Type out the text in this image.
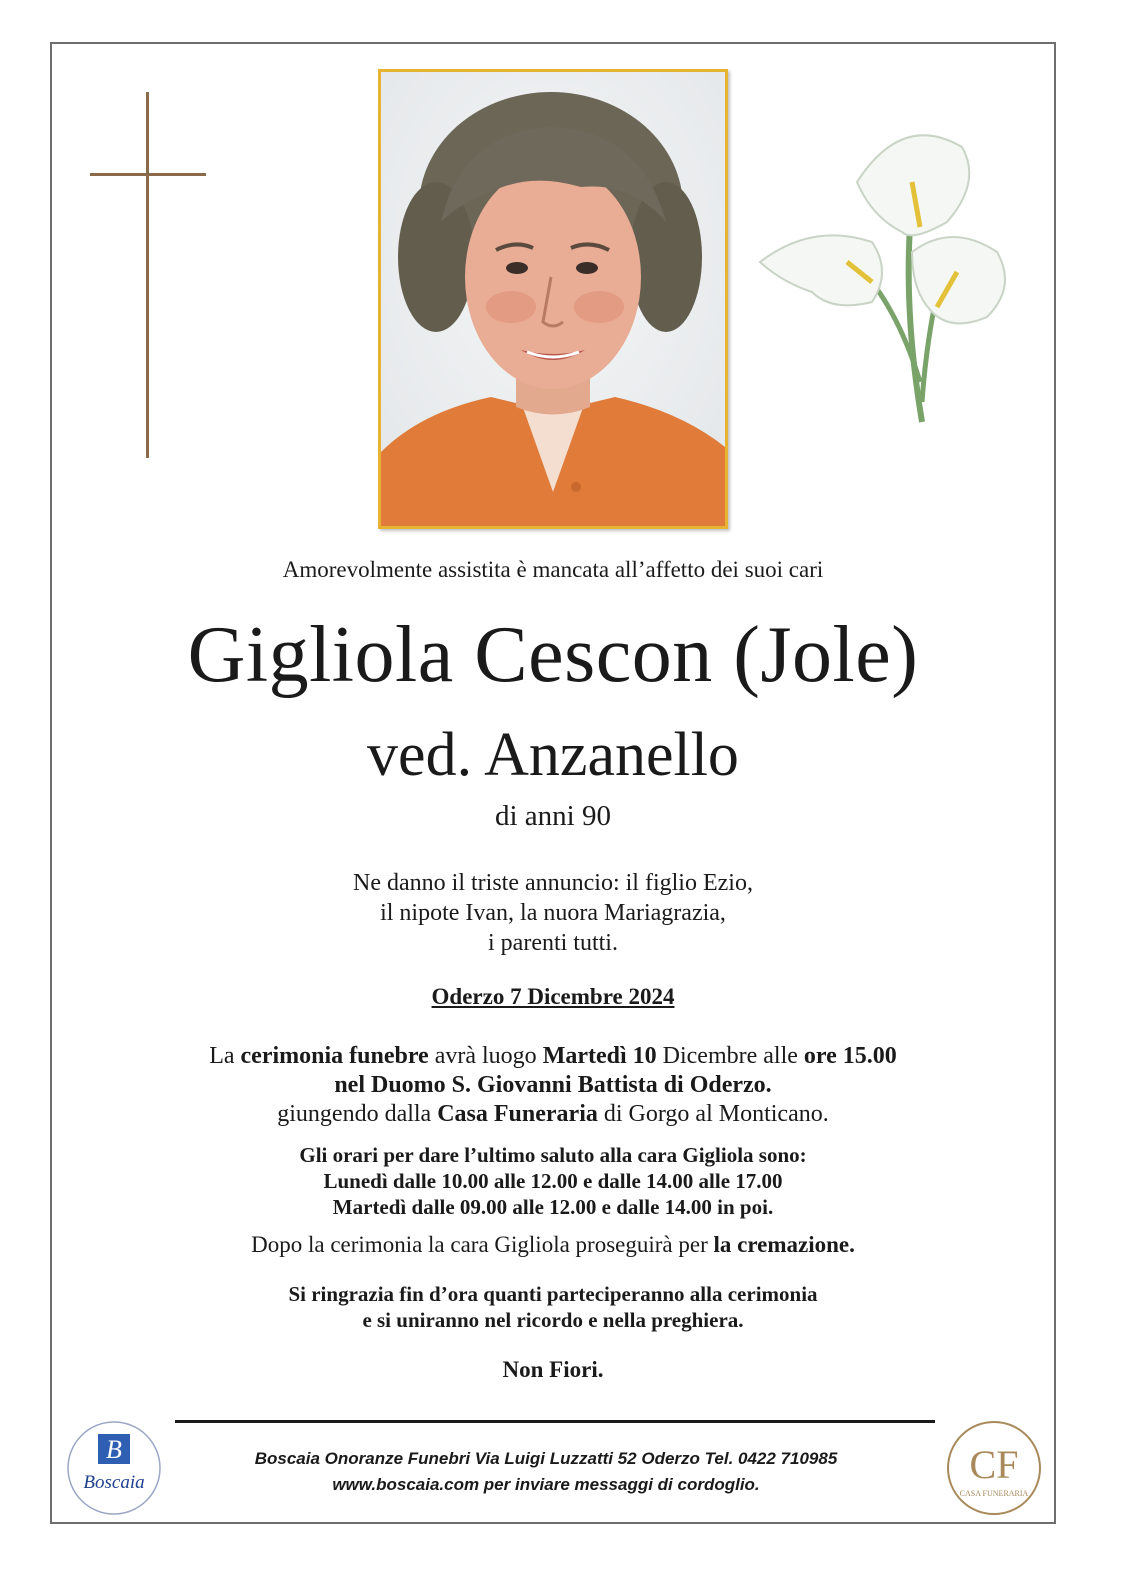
Amorevolmente assistita è mancata all’affetto dei suoi cari
Gigliola Cescon (Jole)
ved. Anzanello
di anni 90
Ne danno il triste annuncio: il figlio Ezio,
il nipote Ivan, la nuora Mariagrazia,
i parenti tutti.
Oderzo 7 Dicembre 2024
La cerimonia funebre avrà luogo Martedì 10 Dicembre alle ore 15.00
nel Duomo S. Giovanni Battista di Oderzo.
giungendo dalla Casa Funeraria di Gorgo al Monticano.
Gli orari per dare l’ultimo saluto alla cara Gigliola sono:
Lunedì dalle 10.00 alle 12.00 e dalle 14.00 alle 17.00
Martedì dalle 09.00 alle 12.00 e dalle 14.00 in poi.
Dopo la cerimonia la cara Gigliola proseguirà per la cremazione.
Si ringrazia fin d’ora quanti parteciperanno alla cerimonia
e si uniranno nel ricordo e nella preghiera.
Non Fiori.
B
Boscaia
Boscaia Onoranze Funebri Via Luigi Luzzatti 52 Oderzo Tel. 0422 710985
www.boscaia.com per inviare messaggi di cordoglio.	CF
CASA FUNERARIA
